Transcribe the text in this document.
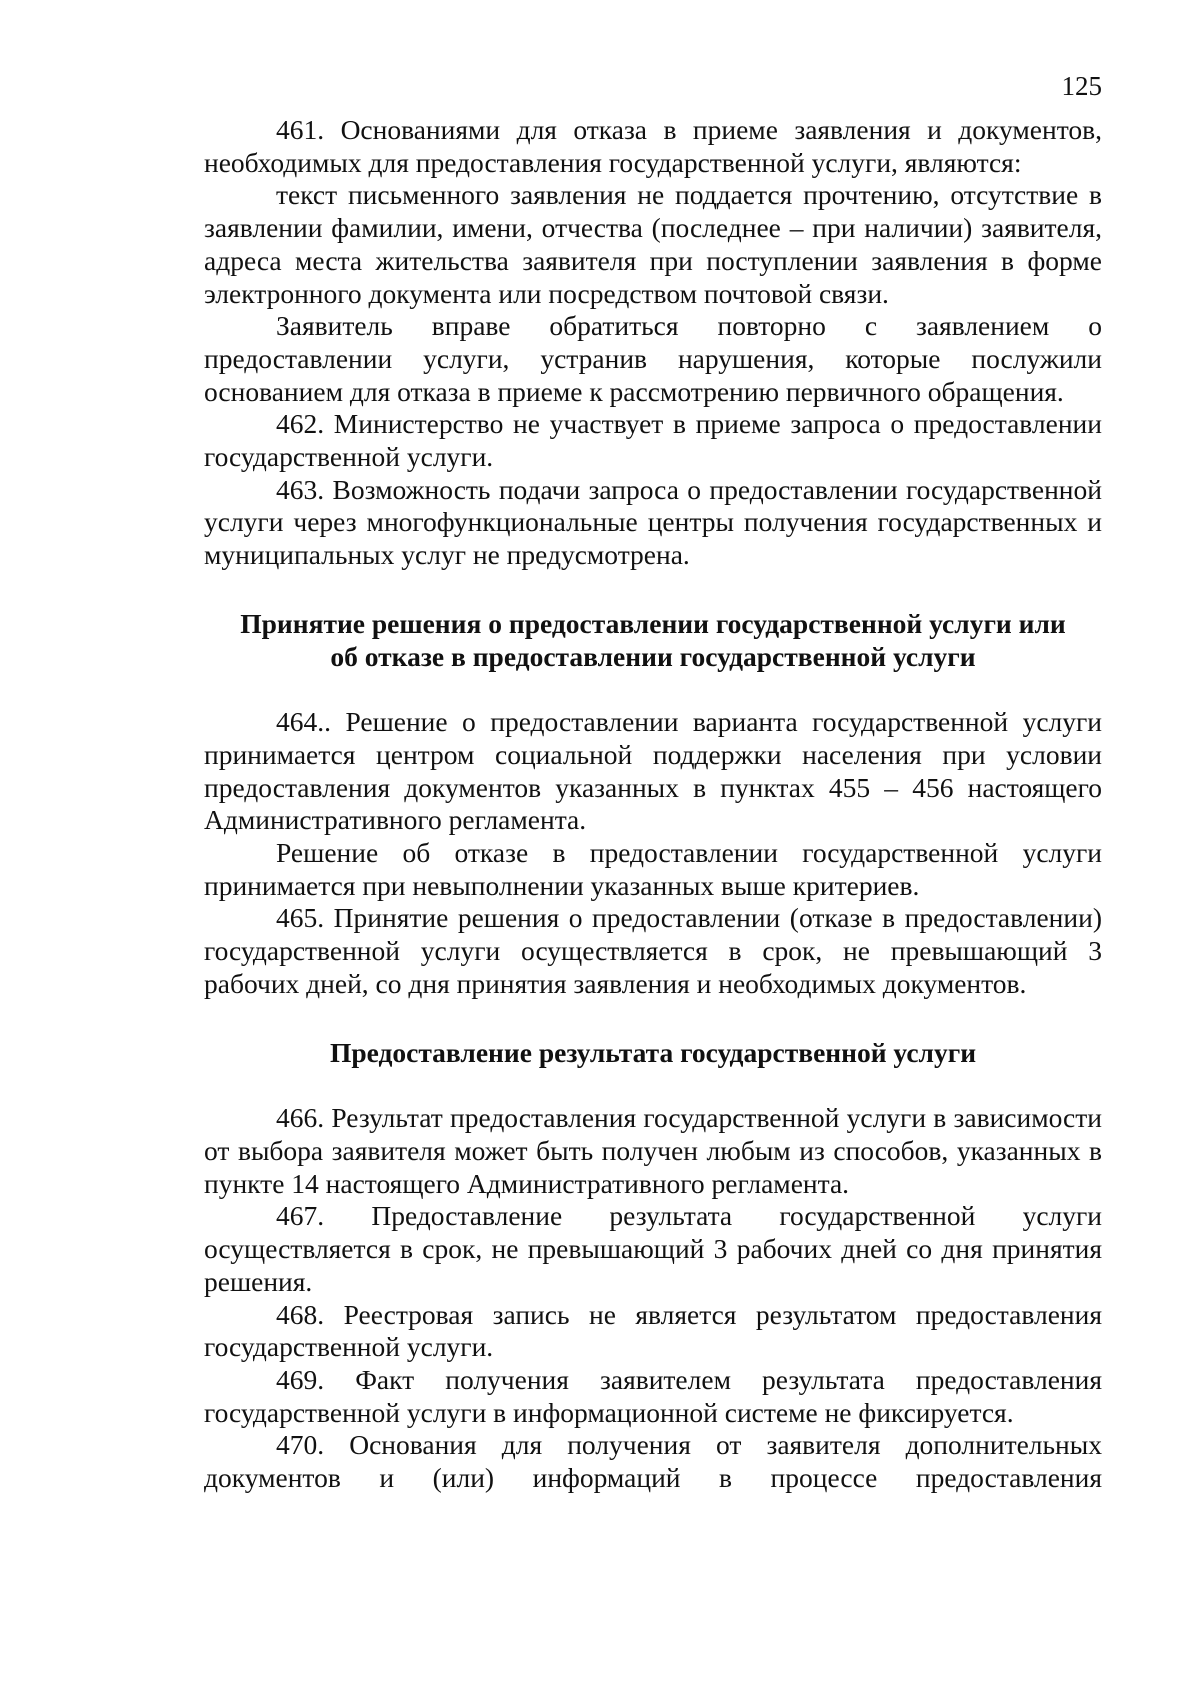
125

461. Основаниями для отказа в приеме заявления и документов, необходимых для предоставления государственной услуги, являются:

текст письменного заявления не поддается прочтению, отсутствие в заявлении фамилии, имени, отчества (последнее – при наличии) заявителя, адреса места жительства заявителя при поступлении заявления в форме электронного документа или посредством почтовой связи.

Заявитель вправе обратиться повторно с заявлением о предоставлении услуги, устранив нарушения, которые послужили основанием для отказа в приеме к рассмотрению первичного обращения.

462. Министерство не участвует в приеме запроса о предоставлении государственной услуги.

463. Возможность подачи запроса о предоставлении государственной услуги через многофункциональные центры получения государственных и муниципальных услуг не предусмотрена.

Принятие решения о предоставлении государственной услуги или
об отказе в предоставлении государственной услуги

464.. Решение о предоставлении варианта государственной услуги принимается центром социальной поддержки населения при условии предоставления документов указанных в пунктах 455 – 456 настоящего Административного регламента.

Решение об отказе в предоставлении государственной услуги принимается при невыполнении указанных выше критериев.

465. Принятие решения о предоставлении (отказе в предоставлении) государственной услуги осуществляется в срок, не превышающий 3 рабочих дней, со дня принятия заявления и необходимых документов.

Предоставление результата государственной услуги

466. Результат предоставления государственной услуги в зависимости от выбора заявителя может быть получен любым из способов, указанных в пункте 14 настоящего Административного регламента.

467. Предоставление результата государственной услуги осуществляется в срок, не превышающий 3 рабочих дней со дня принятия решения.

468. Реестровая запись не является результатом предоставления государственной услуги.

469. Факт получения заявителем результата предоставления государственной услуги в информационной системе не фиксируется.

470. Основания для получения от заявителя дополнительных документов и (или) информаций в процессе предоставления
